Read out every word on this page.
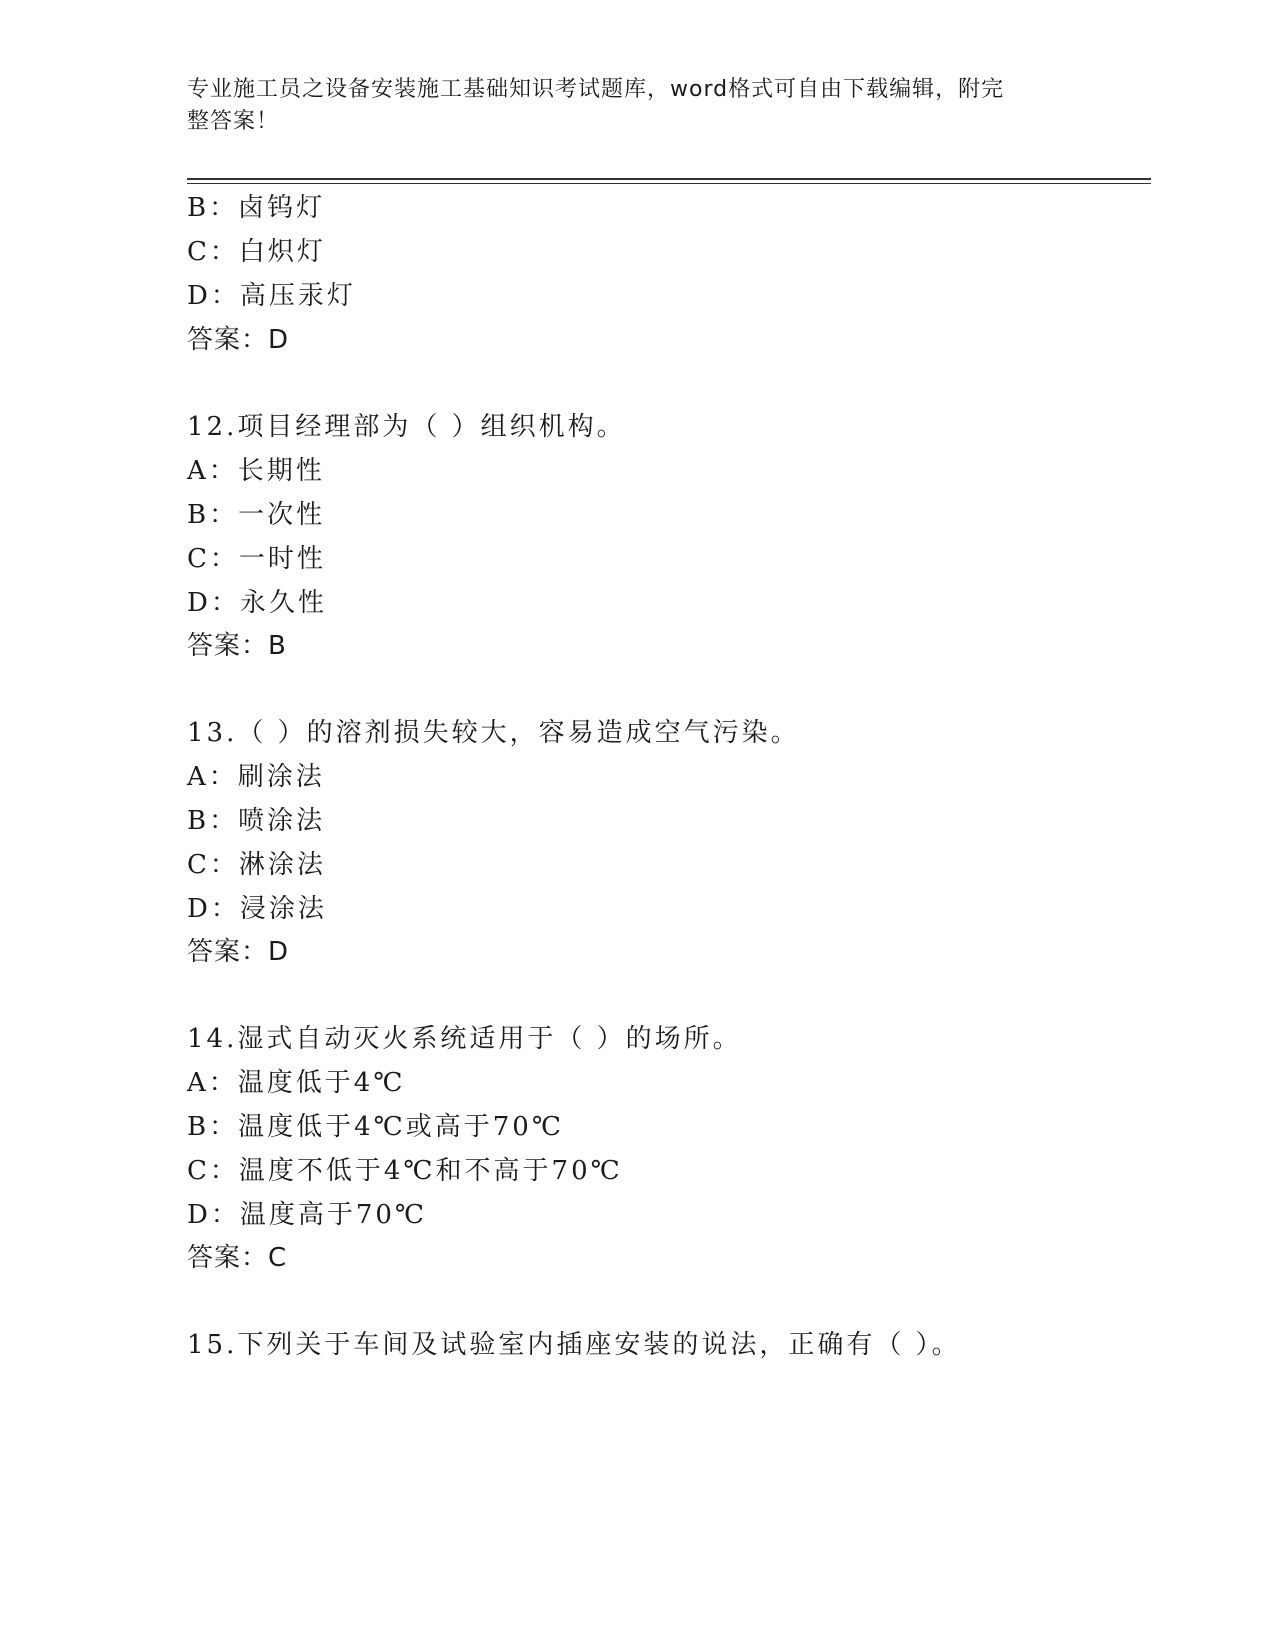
专业施工员之设备安装施工基础知识考试题库，word格式可自由下载编辑，附完
整答案！
B：卤钨灯
C：白炽灯
D：高压汞灯
答案：D
12.项目经理部为（ ）组织机构。
A：长期性
B：一次性
C：一时性
D：永久性
答案：B
13.（ ）的溶剂损失较大，容易造成空气污染。
A：刷涂法
B：喷涂法
C：淋涂法
D：浸涂法
答案：D
14.湿式自动灭火系统适用于（ ）的场所。
A：温度低于4℃
B：温度低于4℃或高于70℃
C：温度不低于4℃和不高于70℃
D：温度高于70℃
答案：C
15.下列关于车间及试验室内插座安装的说法，正确有（ ）。
